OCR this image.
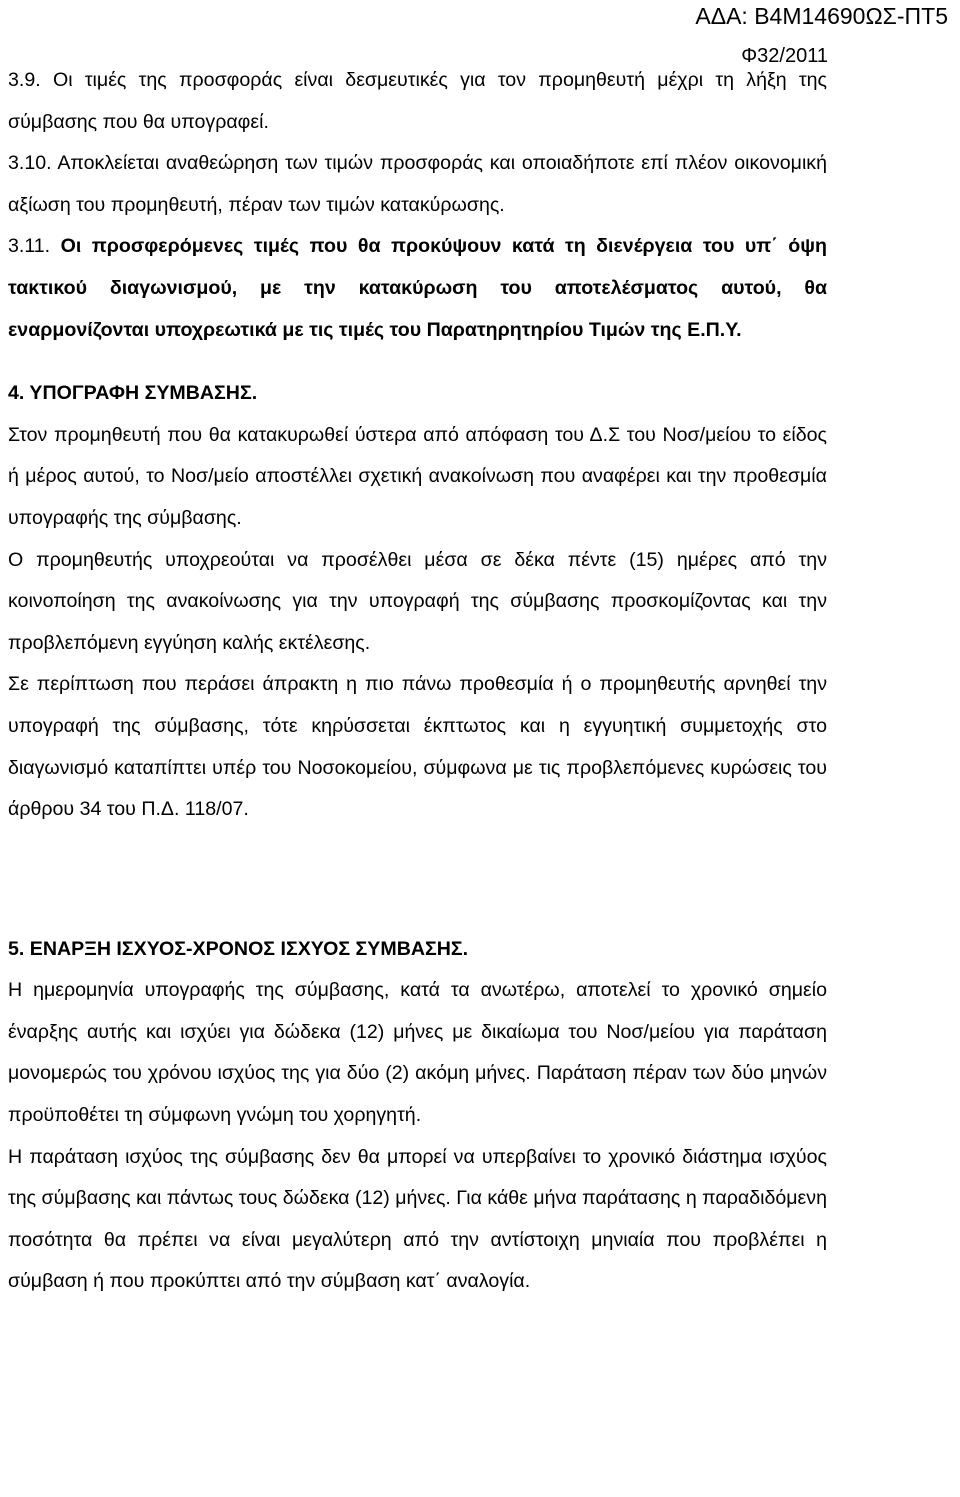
ΑΔΑ: Β4Μ14690ΩΣ-ΠΤ5
Φ32/2011

3.9. Οι τιμές της προσφοράς είναι δεσμευτικές για τον προμηθευτή μέχρι τη λήξη της σύμβασης που θα υπογραφεί.

3.10. Αποκλείεται αναθεώρηση των τιμών προσφοράς και οποιαδήποτε επί πλέον οικονομική αξίωση του προμηθευτή, πέραν των τιμών κατακύρωσης.

3.11. Οι προσφερόμενες τιμές που θα προκύψουν κατά τη διενέργεια του υπ΄ όψη τακτικού διαγωνισμού, με την κατακύρωση του αποτελέσματος αυτού, θα εναρμονίζονται υποχρεωτικά με τις τιμές του Παρατηρητηρίου Τιμών της Ε.Π.Υ.

4. ΥΠΟΓΡΑΦΗ ΣΥΜΒΑΣΗΣ.

Στον προμηθευτή που θα κατακυρωθεί ύστερα από απόφαση του Δ.Σ του Νοσ/μείου το είδος ή μέρος αυτού, το Νοσ/μείο αποστέλλει σχετική ανακοίνωση που αναφέρει και την προθεσμία υπογραφής της σύμβασης.

Ο προμηθευτής υποχρεούται να προσέλθει μέσα σε δέκα πέντε (15) ημέρες από την κοινοποίηση της ανακοίνωσης για την υπογραφή της σύμβασης προσκομίζοντας και την προβλεπόμενη εγγύηση καλής εκτέλεσης.

Σε περίπτωση που περάσει άπρακτη η πιο πάνω προθεσμία ή ο προμηθευτής αρνηθεί την υπογραφή της σύμβασης, τότε κηρύσσεται έκπτωτος και η εγγυητική συμμετοχής στο διαγωνισμό καταπίπτει υπέρ του Νοσοκομείου, σύμφωνα με τις προβλεπόμενες κυρώσεις του άρθρου 34 του Π.Δ. 118/07.

5. ΕΝΑΡΞΗ ΙΣΧΥΟΣ-ΧΡΟΝΟΣ ΙΣΧΥΟΣ ΣΥΜΒΑΣΗΣ.

Η ημερομηνία υπογραφής της σύμβασης, κατά τα ανωτέρω, αποτελεί το χρονικό σημείο έναρξης αυτής και ισχύει για δώδεκα (12) μήνες με δικαίωμα του Νοσ/μείου για παράταση μονομερώς του χρόνου ισχύος της για δύο (2) ακόμη μήνες. Παράταση πέραν των δύο μηνών προϋποθέτει τη σύμφωνη γνώμη του χορηγητή.

Η παράταση ισχύος της σύμβασης δεν θα μπορεί να υπερβαίνει το χρονικό διάστημα ισχύος της σύμβασης και πάντως τους δώδεκα (12) μήνες. Για κάθε μήνα παράτασης η παραδιδόμενη ποσότητα θα πρέπει να είναι μεγαλύτερη από την αντίστοιχη μηνιαία που προβλέπει η σύμβαση ή που προκύπτει από την σύμβαση κατ΄ αναλογία.
